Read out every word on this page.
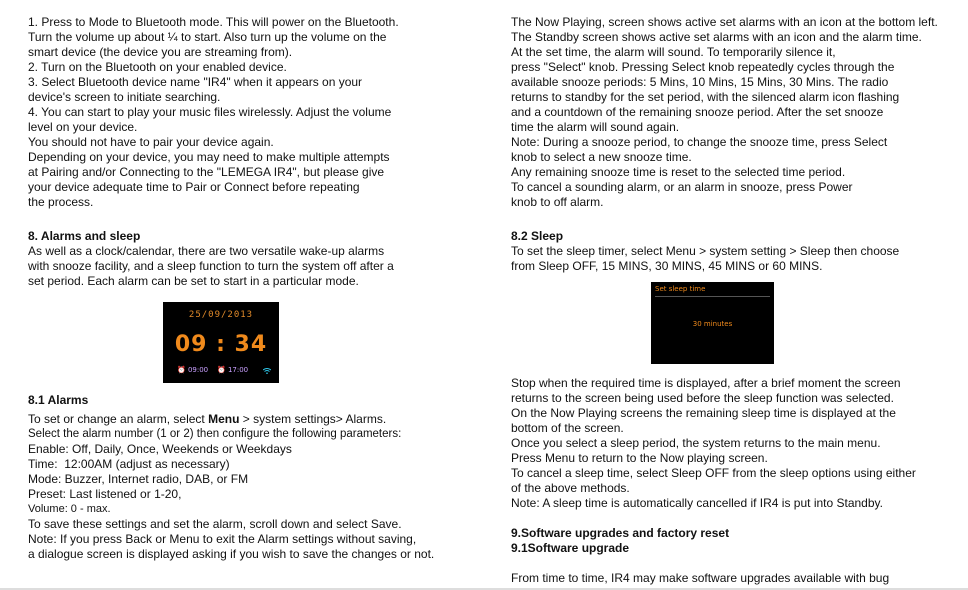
1. Press to Mode to Bluetooth mode. This will power on the Bluetooth.
Turn the volume up about ¼ to start. Also turn up the volume on the
smart device (the device you are streaming from).
2. Turn on the Bluetooth on your enabled device.
3. Select Bluetooth device name "IR4" when it appears on your
device's screen to initiate searching.
4. You can start to play your music files wirelessly. Adjust the volume
level on your device.
You should not have to pair your device again.
Depending on your device, you may need to make multiple attempts
at Pairing and/or Connecting to the "LEMEGA IR4", but please give
your device adequate time to Pair or Connect before repeating
the process.
8. Alarms and sleep
As well as a clock/calendar, there are two versatile wake-up alarms
with snooze facility, and a sleep function to turn the system off after a
set period. Each alarm can be set to start in a particular mode.
25/09/2013
09 : 34
⏰ 09:00 ⏰ 17:00
8.1 Alarms
To set or change an alarm, select Menu > system settings> Alarms.
Select the alarm number (1 or 2) then configure the following parameters:
Enable: Off, Daily, Once, Weekends or Weekdays
Time:  12:00AM (adjust as necessary)
Mode: Buzzer, Internet radio, DAB, or FM
Preset: Last listened or 1-20,
Volume: 0 - max.
To save these settings and set the alarm, scroll down and select Save.
Note: If you press Back or Menu to exit the Alarm settings without saving,
a dialogue screen is displayed asking if you wish to save the changes or not.
The Now Playing, screen shows active set alarms with an icon at the bottom left.
The Standby screen shows active set alarms with an icon and the alarm time.
At the set time, the alarm will sound. To temporarily silence it,
press "Select" knob. Pressing Select knob repeatedly cycles through the
available snooze periods: 5 Mins, 10 Mins, 15 Mins, 30 Mins. The radio
returns to standby for the set period, with the silenced alarm icon flashing
and a countdown of the remaining snooze period. After the set snooze
time the alarm will sound again.
Note: During a snooze period, to change the snooze time, press Select
knob to select a new snooze time.
Any remaining snooze time is reset to the selected time period.
To cancel a sounding alarm, or an alarm in snooze, press Power
knob to off alarm.
8.2 Sleep
To set the sleep timer, select Menu > system setting > Sleep then choose
from Sleep OFF, 15 MINS, 30 MINS, 45 MINS or 60 MINS.
Set sleep time
30 minutes
Stop when the required time is displayed, after a brief moment the screen
returns to the screen being used before the sleep function was selected.
On the Now Playing screens the remaining sleep time is displayed at the
bottom of the screen.
Once you select a sleep period, the system returns to the main menu.
Press Menu to return to the Now playing screen.
To cancel a sleep time, select Sleep OFF from the sleep options using either
of the above methods.
Note: A sleep time is automatically cancelled if IR4 is put into Standby.
9.Software upgrades and factory reset
9.1Software upgrade
From time to time, IR4 may make software upgrades available with bug
